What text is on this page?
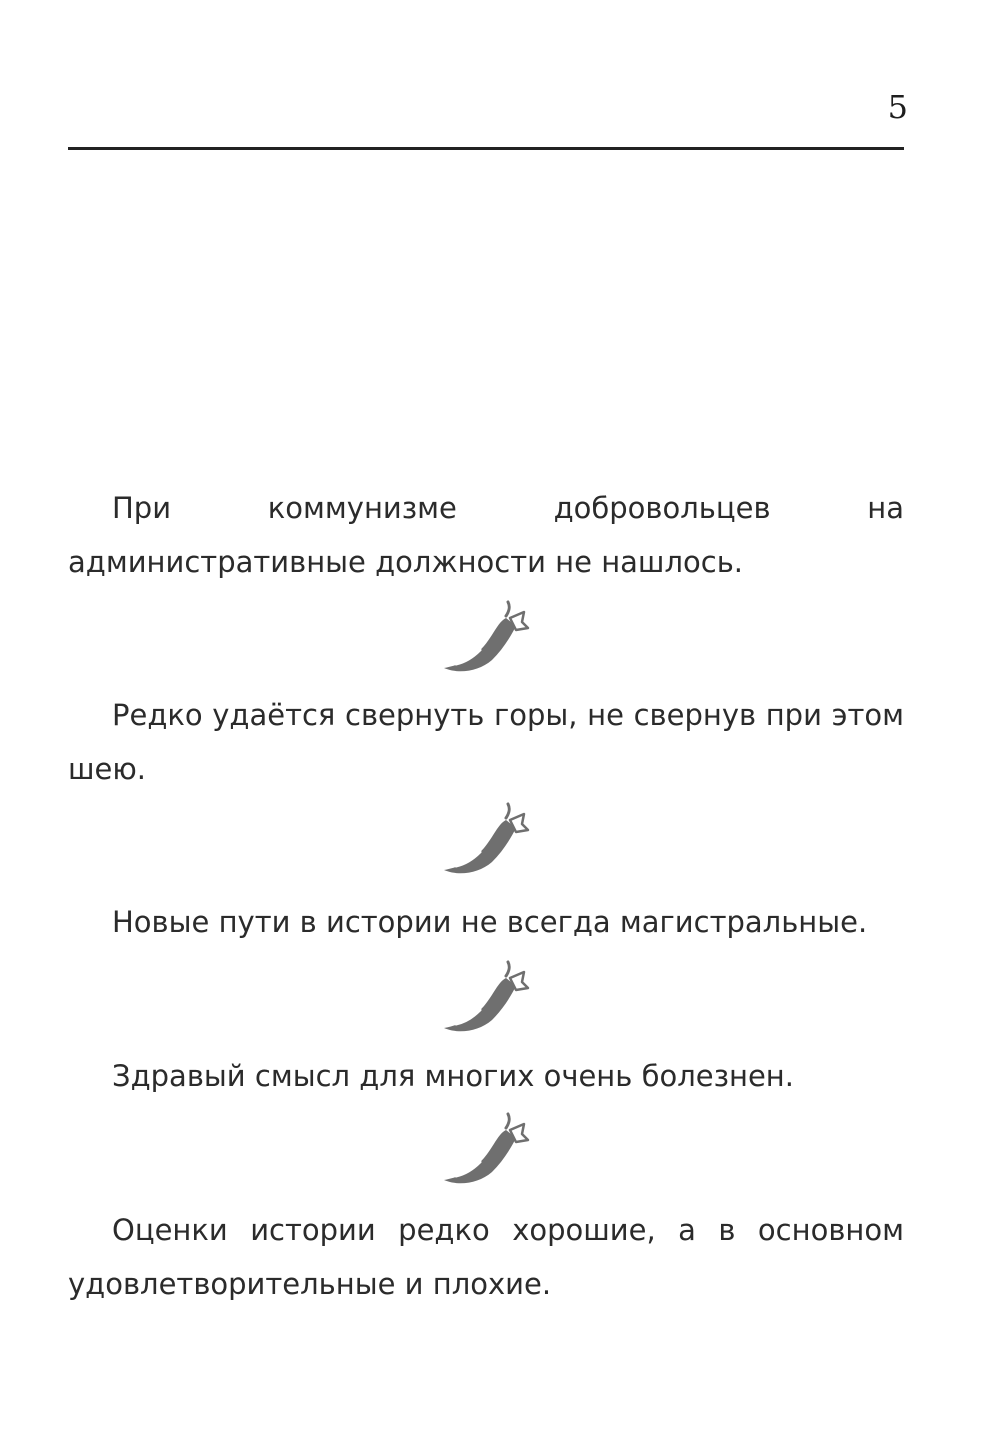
5

При коммунизме добровольцев на административные должности не нашлось.

Редко удаётся свернуть горы, не свернув при этом шею.

Новые пути в истории не всегда магистральные.

Здравый смысл для многих очень болезнен.

Оценки истории редко хорошие, а в основном удовлетворительные и плохие.
